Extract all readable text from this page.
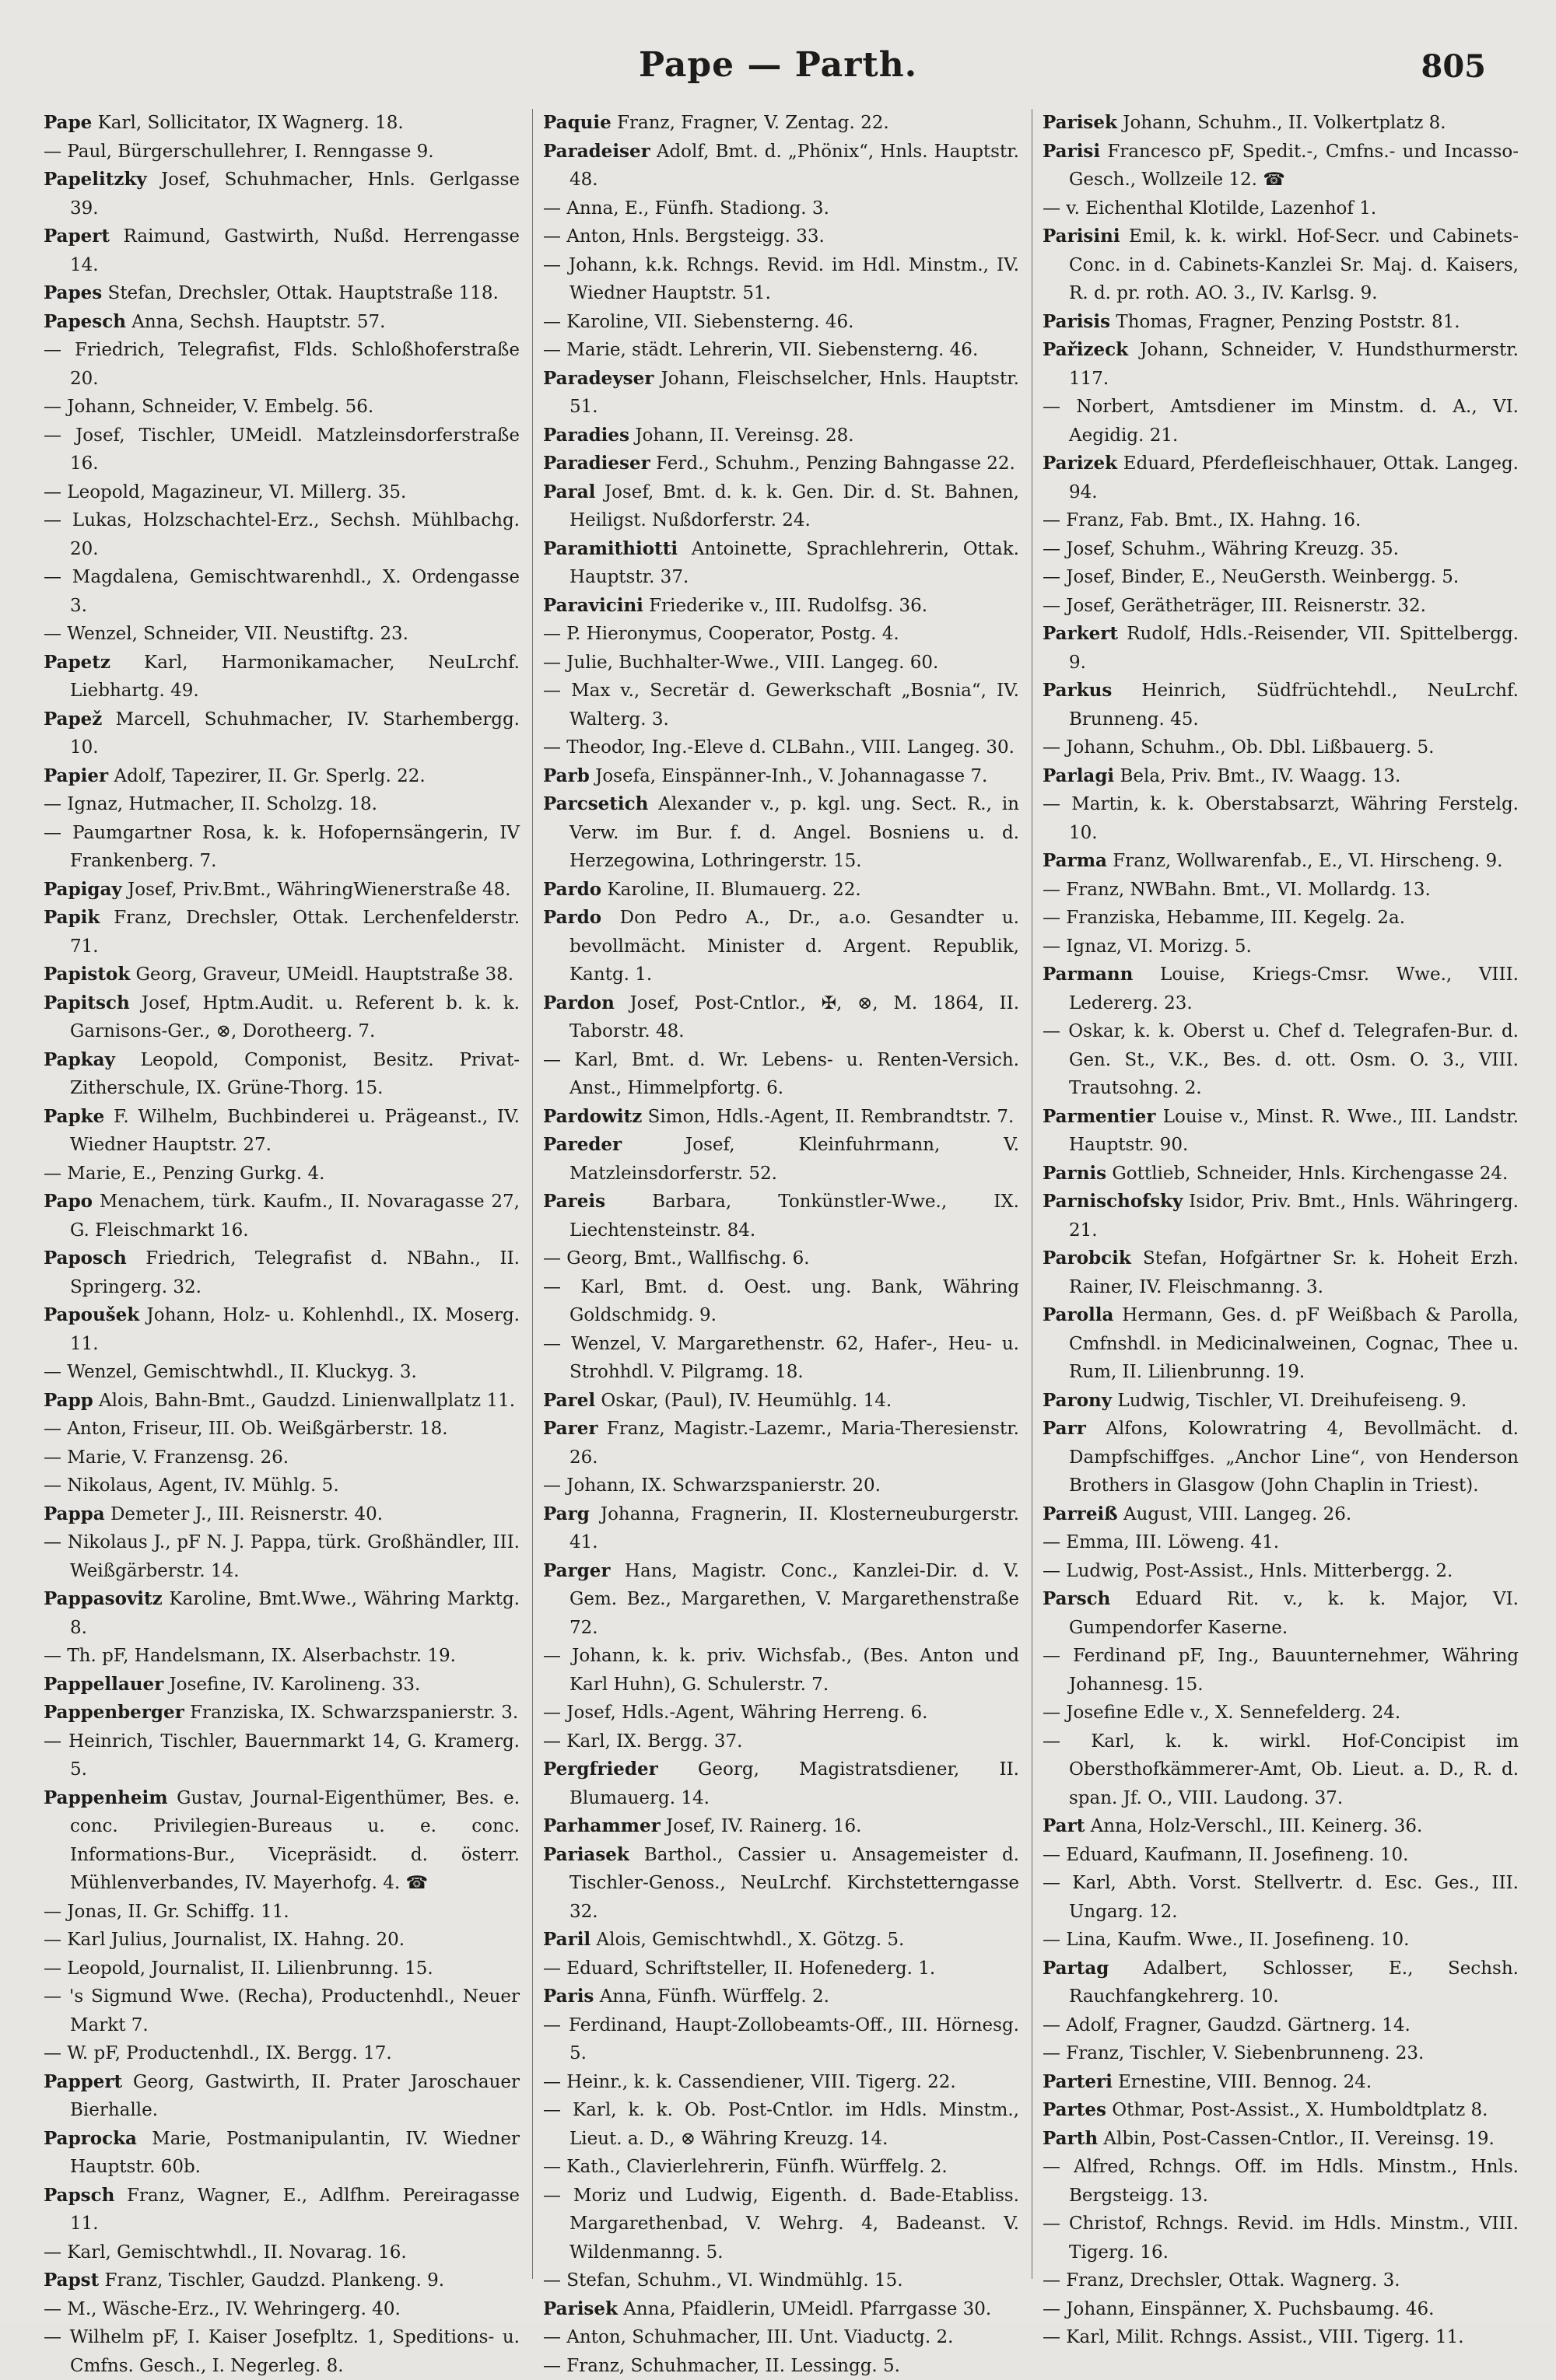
Pape — Parth.	805

Pape Karl, Sollicitator, IX Wagnerg. 18.

— Paul, Bürgerschullehrer, I. Renngasse 9.

Papelitzky Josef, Schuhmacher, Hnls. Gerlgasse 39.

Papert Raimund, Gastwirth, Nußd. Herrengasse 14.

Papes Stefan, Drechsler, Ottak. Hauptstraße 118.

Papesch Anna, Sechsh. Hauptstr. 57.

— Friedrich, Telegrafist, Flds. Schloßhoferstraße 20.

— Johann, Schneider, V. Embelg. 56.

— Josef, Tischler, UMeidl. Matzleinsdorferstraße 16.

— Leopold, Magazineur, VI. Millerg. 35.

— Lukas, Holzschachtel-Erz., Sechsh. Mühlbachg. 20.

— Magdalena, Gemischtwarenhdl., X. Ordengasse 3.

— Wenzel, Schneider, VII. Neustiftg. 23.

Papetz Karl, Harmonikamacher, NeuLrchf. Liebhartg. 49.

Papež Marcell, Schuhmacher, IV. Starhembergg. 10.

Papier Adolf, Tapezirer, II. Gr. Sperlg. 22.

— Ignaz, Hutmacher, II. Scholzg. 18.

— Paumgartner Rosa, k. k. Hofopernsängerin, IV Frankenberg. 7.

Papigay Josef, Priv.Bmt., WähringWienerstraße 48.

Papik Franz, Drechsler, Ottak. Lerchenfelderstr. 71.

Papistok Georg, Graveur, UMeidl. Hauptstraße 38.

Papitsch Josef, Hptm.Audit. u. Referent b. k. k. Garnisons-Ger., ⊗, Dorotheerg. 7.

Papkay Leopold, Componist, Besitz. Privat-Zitherschule, IX. Grüne-Thorg. 15.

Papke F. Wilhelm, Buchbinderei u. Prägeanst., IV. Wiedner Hauptstr. 27.

— Marie, E., Penzing Gurkg. 4.

Papo Menachem, türk. Kaufm., II. Novaragasse 27, G. Fleischmarkt 16.

Paposch Friedrich, Telegrafist d. NBahn., II. Springerg. 32.

Papoušek Johann, Holz- u. Kohlenhdl., IX. Moserg. 11.

— Wenzel, Gemischtwhdl., II. Kluckyg. 3.

Papp Alois, Bahn-Bmt., Gaudzd. Linienwallplatz 11.

— Anton, Friseur, III. Ob. Weißgärberstr. 18.

— Marie, V. Franzensg. 26.

— Nikolaus, Agent, IV. Mühlg. 5.

Pappa Demeter J., III. Reisnerstr. 40.

— Nikolaus J., pF N. J. Pappa, türk. Großhändler, III. Weißgärberstr. 14.

Pappasovitz Karoline, Bmt.Wwe., Währing Marktg. 8.

— Th. pF, Handelsmann, IX. Alserbachstr. 19.

Pappellauer Josefine, IV. Karolineng. 33.

Pappenberger Franziska, IX. Schwarzspanierstr. 3.

— Heinrich, Tischler, Bauernmarkt 14, G. Kramerg. 5.

Pappenheim Gustav, Journal-Eigenthümer, Bes. e. conc. Privilegien-Bureaus u. e. conc. Informations-Bur., Vicepräsidt. d. österr. Mühlenverbandes, IV. Mayerhofg. 4. ☎

— Jonas, II. Gr. Schiffg. 11.

— Karl Julius, Journalist, IX. Hahng. 20.

— Leopold, Journalist, II. Lilienbrunng. 15.

— 's Sigmund Wwe. (Recha), Productenhdl., Neuer Markt 7.

— W. pF, Productenhdl., IX. Bergg. 17.

Pappert Georg, Gastwirth, II. Prater Jaroschauer Bierhalle.

Paprocka Marie, Postmanipulantin, IV. Wiedner Hauptstr. 60b.

Papsch Franz, Wagner, E., Adlfhm. Pereiragasse 11.

— Karl, Gemischtwhdl., II. Novarag. 16.

Papst Franz, Tischler, Gaudzd. Plankeng. 9.

— M., Wäsche-Erz., IV. Wehringerg. 40.

— Wilhelm pF, I. Kaiser Josefpltz. 1, Speditions- u. Cmfns. Gesch., I. Negerleg. 8.

Paquie Franz, Fragner, V. Zentag. 22.

Paradeiser Adolf, Bmt. d. „Phönix“, Hnls. Hauptstr. 48.

— Anna, E., Fünfh. Stadiong. 3.

— Anton, Hnls. Bergsteigg. 33.

— Johann, k.k. Rchngs. Revid. im Hdl. Minstm., IV. Wiedner Hauptstr. 51.

— Karoline, VII. Siebensterng. 46.

— Marie, städt. Lehrerin, VII. Siebensterng. 46.

Paradeyser Johann, Fleischselcher, Hnls. Hauptstr. 51.

Paradies Johann, II. Vereinsg. 28.

Paradieser Ferd., Schuhm., Penzing Bahngasse 22.

Paral Josef, Bmt. d. k. k. Gen. Dir. d. St. Bahnen, Heiligst. Nußdorferstr. 24.

Paramithiotti Antoinette, Sprachlehrerin, Ottak. Hauptstr. 37.

Paravicini Friederike v., III. Rudolfsg. 36.

— P. Hieronymus, Cooperator, Postg. 4.

— Julie, Buchhalter-Wwe., VIII. Langeg. 60.

— Max v., Secretär d. Gewerkschaft „Bosnia“, IV. Walterg. 3.

— Theodor, Ing.-Eleve d. CLBahn., VIII. Langeg. 30.

Parb Josefa, Einspänner-Inh., V. Johannagasse 7.

Parcsetich Alexander v., p. kgl. ung. Sect. R., in Verw. im Bur. f. d. Angel. Bosniens u. d. Herzegowina, Lothringerstr. 15.

Pardo Karoline, II. Blumauerg. 22.

Pardo Don Pedro A., Dr., a.o. Gesandter u. bevollmächt. Minister d. Argent. Republik, Kantg. 1.

Pardon Josef, Post-Cntlor., ✠, ⊗, M. 1864, II. Taborstr. 48.

— Karl, Bmt. d. Wr. Lebens- u. Renten-Versich. Anst., Himmelpfortg. 6.

Pardowitz Simon, Hdls.-Agent, II. Rembrandtstr. 7.

Pareder Josef, Kleinfuhrmann, V. Matzleinsdorferstr. 52.

Pareis Barbara, Tonkünstler-Wwe., IX. Liechtensteinstr. 84.

— Georg, Bmt., Wallfischg. 6.

— Karl, Bmt. d. Oest. ung. Bank, Währing Goldschmidg. 9.

— Wenzel, V. Margarethenstr. 62, Hafer-, Heu- u. Strohhdl. V. Pilgramg. 18.

Parel Oskar, (Paul), IV. Heumühlg. 14.

Parer Franz, Magistr.-Lazemr., Maria-Theresienstr. 26.

— Johann, IX. Schwarzspanierstr. 20.

Parg Johanna, Fragnerin, II. Klosterneuburgerstr. 41.

Parger Hans, Magistr. Conc., Kanzlei-Dir. d. V. Gem. Bez., Margarethen, V. Margarethenstraße 72.

— Johann, k. k. priv. Wichsfab., (Bes. Anton und Karl Huhn), G. Schulerstr. 7.

— Josef, Hdls.-Agent, Währing Herreng. 6.

— Karl, IX. Bergg. 37.

Pergfrieder Georg, Magistratsdiener, II. Blumauerg. 14.

Parhammer Josef, IV. Rainerg. 16.

Pariasek Barthol., Cassier u. Ansagemeister d. Tischler-Genoss., NeuLrchf. Kirchstetterngasse 32.

Paril Alois, Gemischtwhdl., X. Götzg. 5.

— Eduard, Schriftsteller, II. Hofenederg. 1.

Paris Anna, Fünfh. Würffelg. 2.

— Ferdinand, Haupt-Zollobeamts-Off., III. Hörnesg. 5.

— Heinr., k. k. Cassendiener, VIII. Tigerg. 22.

— Karl, k. k. Ob. Post-Cntlor. im Hdls. Minstm., Lieut. a. D., ⊗ Währing Kreuzg. 14.

— Kath., Clavierlehrerin, Fünfh. Würffelg. 2.

— Moriz und Ludwig, Eigenth. d. Bade-Etabliss. Margarethenbad, V. Wehrg. 4, Badeanst. V. Wildenmanng. 5.

— Stefan, Schuhm., VI. Windmühlg. 15.

Parisek Anna, Pfaidlerin, UMeidl. Pfarrgasse 30.

— Anton, Schuhmacher, III. Unt. Viaductg. 2.

— Franz, Schuhmacher, II. Lessingg. 5.

Parisek Johann, Schuhm., II. Volkertplatz 8.

Parisi Francesco pF, Spedit.-, Cmfns.- und Incasso-Gesch., Wollzeile 12. ☎

— v. Eichenthal Klotilde, Lazenhof 1.

Parisini Emil, k. k. wirkl. Hof-Secr. und Cabinets-Conc. in d. Cabinets-Kanzlei Sr. Maj. d. Kaisers, R. d. pr. roth. AO. 3., IV. Karlsg. 9.

Parisis Thomas, Fragner, Penzing Poststr. 81.

Pařizeck Johann, Schneider, V. Hundsthurmerstr. 117.

— Norbert, Amtsdiener im Minstm. d. A., VI. Aegidig. 21.

Parizek Eduard, Pferdefleischhauer, Ottak. Langeg. 94.

— Franz, Fab. Bmt., IX. Hahng. 16.

— Josef, Schuhm., Währing Kreuzg. 35.

— Josef, Binder, E., NeuGersth. Weinbergg. 5.

— Josef, Gerätheträger, III. Reisnerstr. 32.

Parkert Rudolf, Hdls.-Reisender, VII. Spittelbergg. 9.

Parkus Heinrich, Südfrüchtehdl., NeuLrchf. Brunneng. 45.

— Johann, Schuhm., Ob. Dbl. Lißbauerg. 5.

Parlagi Bela, Priv. Bmt., IV. Waagg. 13.

— Martin, k. k. Oberstabsarzt, Währing Ferstelg. 10.

Parma Franz, Wollwarenfab., E., VI. Hirscheng. 9.

— Franz, NWBahn. Bmt., VI. Mollardg. 13.

— Franziska, Hebamme, III. Kegelg. 2a.

— Ignaz, VI. Morizg. 5.

Parmann Louise, Kriegs-Cmsr. Wwe., VIII. Ledererg. 23.

— Oskar, k. k. Oberst u. Chef d. Telegrafen-Bur. d. Gen. St., V.K., Bes. d. ott. Osm. O. 3., VIII. Trautsohng. 2.

Parmentier Louise v., Minst. R. Wwe., III. Landstr. Hauptstr. 90.

Parnis Gottlieb, Schneider, Hnls. Kirchengasse 24.

Parnischofsky Isidor, Priv. Bmt., Hnls. Währingerg. 21.

Parobcik Stefan, Hofgärtner Sr. k. Hoheit Erzh. Rainer, IV. Fleischmanng. 3.

Parolla Hermann, Ges. d. pF Weißbach & Parolla, Cmfnshdl. in Medicinalweinen, Cognac, Thee u. Rum, II. Lilienbrunng. 19.

Parony Ludwig, Tischler, VI. Dreihufeiseng. 9.

Parr Alfons, Kolowratring 4, Bevollmächt. d. Dampfschiffges. „Anchor Line“, von Henderson Brothers in Glasgow (John Chaplin in Triest).

Parreiß August, VIII. Langeg. 26.

— Emma, III. Löweng. 41.

— Ludwig, Post-Assist., Hnls. Mitterbergg. 2.

Parsch Eduard Rit. v., k. k. Major, VI. Gumpendorfer Kaserne.

— Ferdinand pF, Ing., Bauunternehmer, Währing Johannesg. 15.

— Josefine Edle v., X. Sennefelderg. 24.

— Karl, k. k. wirkl. Hof-Concipist im Obersthofkämmerer-Amt, Ob. Lieut. a. D., R. d. span. Jf. O., VIII. Laudong. 37.

Part Anna, Holz-Verschl., III. Keinerg. 36.

— Eduard, Kaufmann, II. Josefineng. 10.

— Karl, Abth. Vorst. Stellvertr. d. Esc. Ges., III. Ungarg. 12.

— Lina, Kaufm. Wwe., II. Josefineng. 10.

Partag Adalbert, Schlosser, E., Sechsh. Rauchfangkehrerg. 10.

— Adolf, Fragner, Gaudzd. Gärtnerg. 14.

— Franz, Tischler, V. Siebenbrunneng. 23.

Parteri Ernestine, VIII. Bennog. 24.

Partes Othmar, Post-Assist., X. Humboldtplatz 8.

Parth Albin, Post-Cassen-Cntlor., II. Vereinsg. 19.

— Alfred, Rchngs. Off. im Hdls. Minstm., Hnls. Bergsteigg. 13.

— Christof, Rchngs. Revid. im Hdls. Minstm., VIII. Tigerg. 16.

— Franz, Drechsler, Ottak. Wagnerg. 3.

— Johann, Einspänner, X. Puchsbaumg. 46.

— Karl, Milit. Rchngs. Assist., VIII. Tigerg. 11.
